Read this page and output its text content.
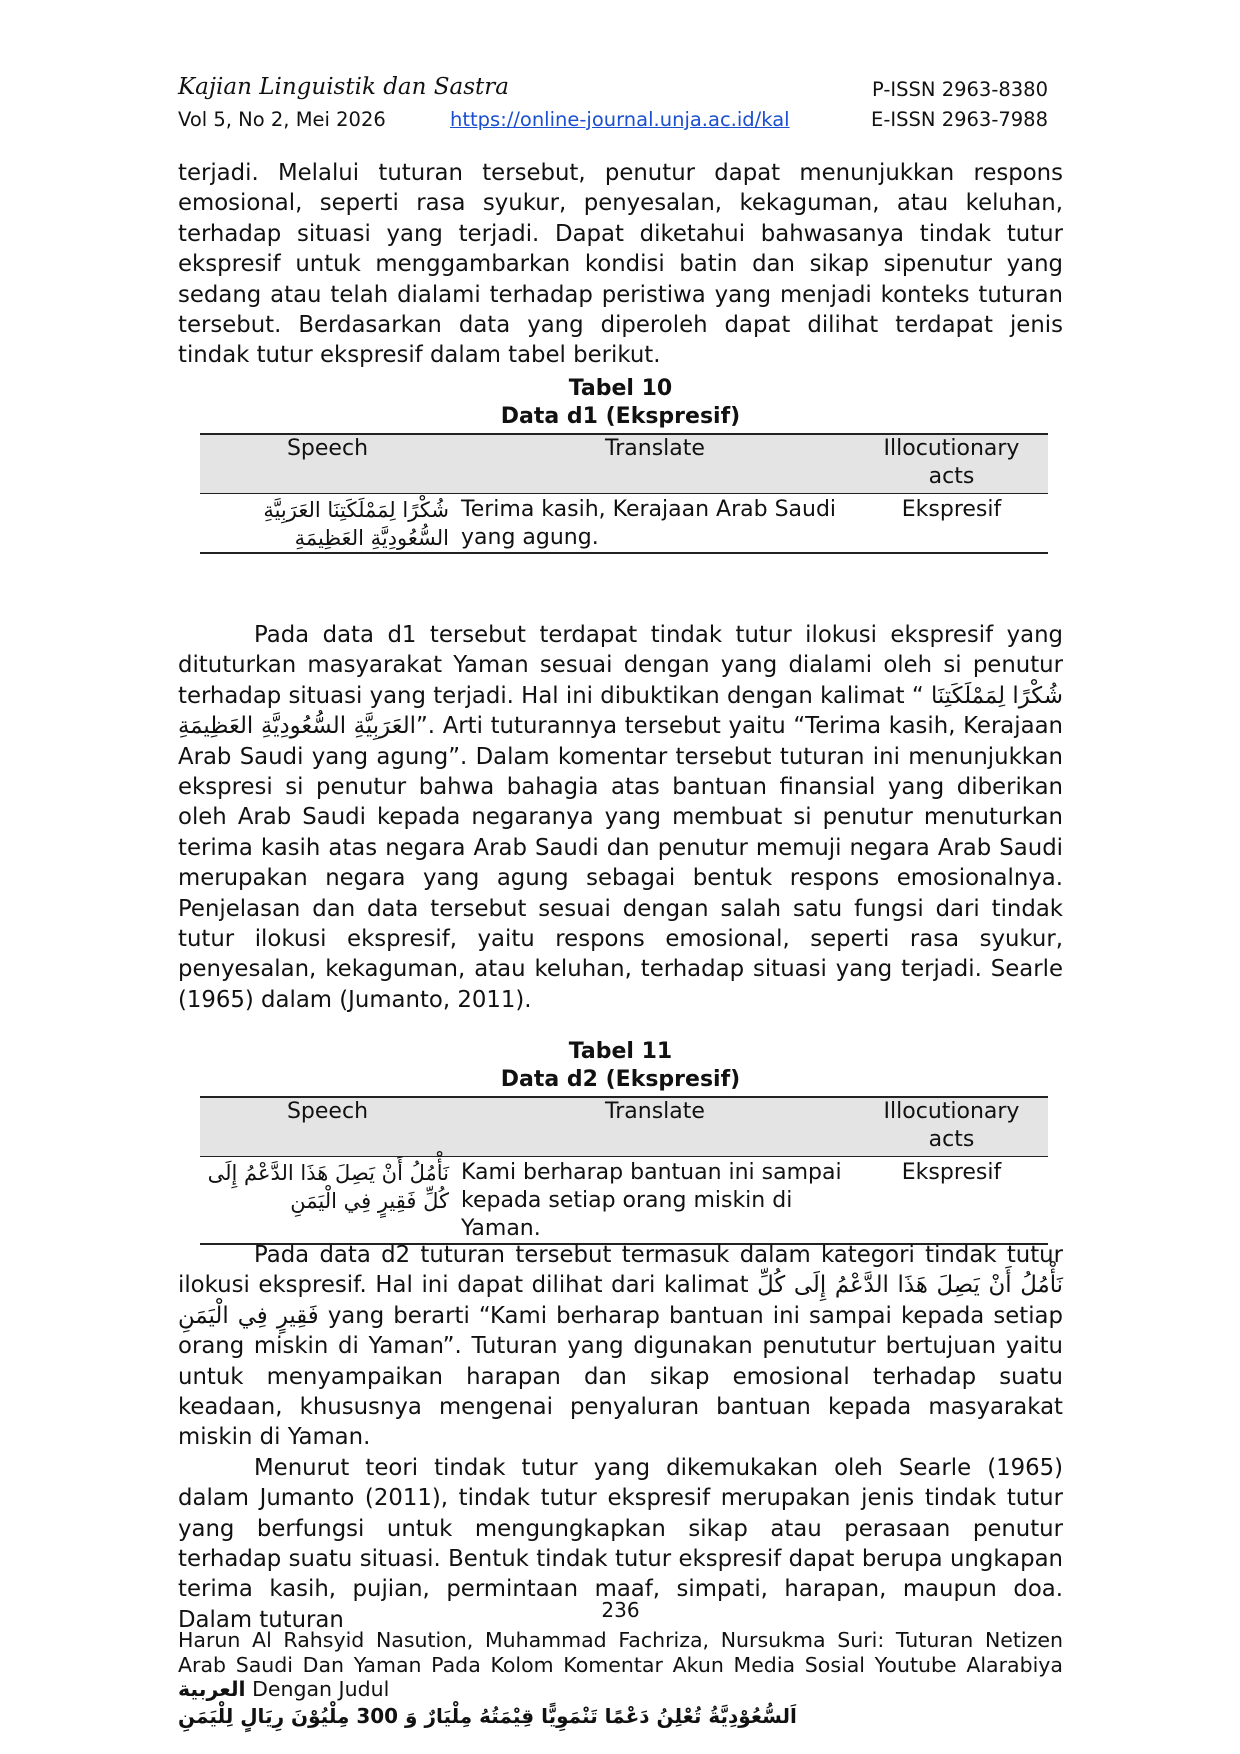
Kajian Linguistik dan Sastra	P-ISSN 2963-8380
Vol 5, No 2, Mei 2026	https://online-journal.unja.ac.id/kal	E-ISSN 2963-7988

terjadi. Melalui tuturan tersebut, penutur dapat menunjukkan respons emosional, seperti rasa syukur, penyesalan, kekaguman, atau keluhan, terhadap situasi yang terjadi. Dapat diketahui bahwasanya tindak tutur ekspresif untuk menggambarkan kondisi batin dan sikap sipenutur yang sedang atau telah dialami terhadap peristiwa yang menjadi konteks tuturan tersebut. Berdasarkan data yang diperoleh dapat dilihat terdapat jenis tindak tutur ekspresif dalam tabel berikut.

Tabel 10
Data d1 (Ekspresif)
Speech	Translate	Illocutionary acts
شُكْرًا لِمَمْلَكَتِنَا العَرَبِيَّةِ السُّعُودِيَّةِ العَظِيمَةِ	Terima kasih, Kerajaan Arab Saudi yang agung.	Ekspresif

Pada data d1 tersebut terdapat tindak tutur ilokusi ekspresif yang dituturkan masyarakat Yaman sesuai dengan yang dialami oleh si penutur terhadap situasi yang terjadi. Hal ini dibuktikan dengan kalimat “ شُكْرًا لِمَمْلَكَتِنَا العَرَبِيَّةِ السُّعُودِيَّةِ العَظِيمَةِ”. Arti tuturannya tersebut yaitu “Terima kasih, Kerajaan Arab Saudi yang agung”. Dalam komentar tersebut tuturan ini menunjukkan ekspresi si penutur bahwa bahagia atas bantuan finansial yang diberikan oleh Arab Saudi kepada negaranya yang membuat si penutur menuturkan terima kasih atas negara Arab Saudi dan penutur memuji negara Arab Saudi merupakan negara yang agung sebagai bentuk respons emosionalnya. Penjelasan dan data tersebut sesuai dengan salah satu fungsi dari tindak tutur ilokusi ekspresif, yaitu respons emosional, seperti rasa syukur, penyesalan, kekaguman, atau keluhan, terhadap situasi yang terjadi. Searle (1965) dalam (Jumanto, 2011).

Tabel 11
Data d2 (Ekspresif)
Speech	Translate	Illocutionary acts
نَأْمُلُ أَنْ يَصِلَ هَذَا الدَّعْمُ إِلَى كُلِّ فَقِيرٍ فِي الْيَمَنِ	Kami berharap bantuan ini sampai kepada setiap orang miskin di Yaman.	Ekspresif

Pada data d2 tuturan tersebut termasuk dalam kategori tindak tutur ilokusi ekspresif. Hal ini dapat dilihat dari kalimat نَأْمُلُ أَنْ يَصِلَ هَذَا الدَّعْمُ إِلَى كُلِّ فَقِيرٍ فِي الْيَمَنِ yang berarti “Kami berharap bantuan ini sampai kepada setiap orang miskin di Yaman”. Tuturan yang digunakan penututur bertujuan yaitu untuk menyampaikan harapan dan sikap emosional terhadap suatu keadaan, khususnya mengenai penyaluran bantuan kepada masyarakat miskin di Yaman.

Menurut teori tindak tutur yang dikemukakan oleh Searle (1965) dalam Jumanto (2011), tindak tutur ekspresif merupakan jenis tindak tutur yang berfungsi untuk mengungkapkan sikap atau perasaan penutur terhadap suatu situasi. Bentuk tindak tutur ekspresif dapat berupa ungkapan terima kasih, pujian, permintaan maaf, simpati, harapan, maupun doa. Dalam tuturan	236
Harun Al Rahsyid Nasution, Muhammad Fachriza, Nursukma Suri: Tuturan Netizen Arab Saudi Dan Yaman Pada Kolom Komentar Akun Media Sosial Youtube Alarabiya العربية Dengan Judul
اَلسُّعُوْدِيَّةُ تُعْلِنُ دَعْمًا تَنْمَوِيًّا قِيْمَتُهُ مِلْيَارٌ وَ 300 مِلْيُوْنَ رِيَالٍ لِلْيَمَنِ
